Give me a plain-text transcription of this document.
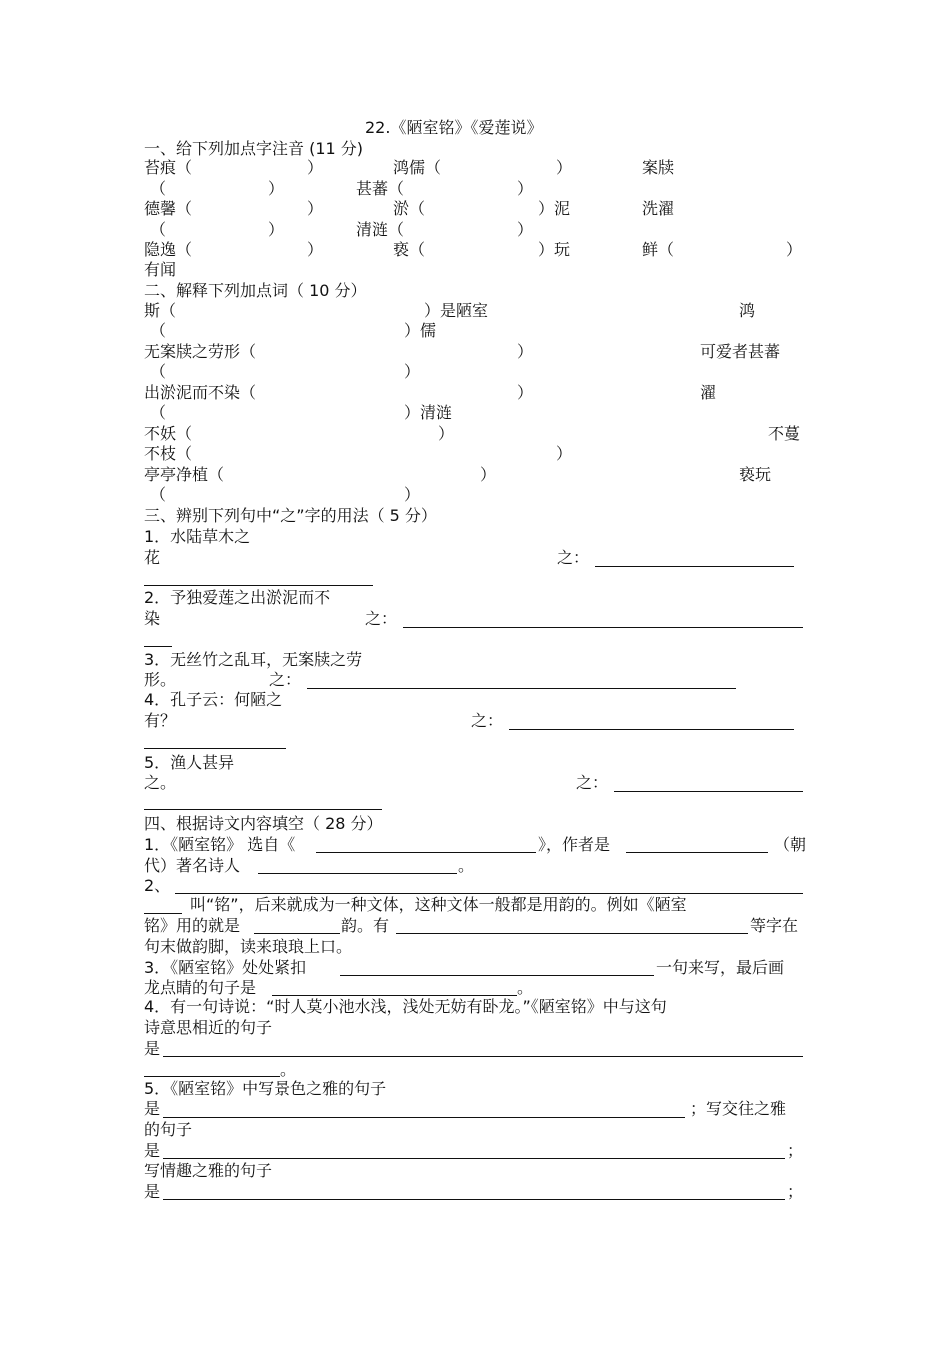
22.《陋室铭》《爱莲说》
一、给下列加点字注音 (11 分)
苔痕（	）	鸿儒（	）	案牍
（	）	甚蕃（	）
德馨（	）	淤（	）泥	洗濯
（	）	清涟（	）
隐逸（	）	亵（	）玩	鲜（	）
有闻
二、解释下列加点词（ 10 分）
斯（	）是陋室	鸿
（	）儒
无案牍之劳形（	）	可爱者甚蕃
（	）
出淤泥而不染（	）	濯
（	）清涟
不妖（	）	不蔓
不枝（	）
亭亭净植（	）	亵玩
（	）
三、辨别下列句中“之”字的用法（ 5 分）
1．水陆草木之
花	之：
2．予独爱莲之出淤泥而不
染	之：
3．无丝竹之乱耳，无案牍之劳
形。	之：
4．孔子云：何陋之
有？	之：
5．渔人甚异
之。	之：
四、根据诗文内容填空（ 28 分）
1．《陋室铭》 选自《	》，作者是	（朝
代）著名诗人	。
2、
叫“铭”，后来就成为一种文体，这种文体一般都是用韵的。例如《陋室
铭》用的就是	韵。有	等字在
句末做韵脚，读来琅琅上口。
3．《陋室铭》处处紧扣	一句来写，最后画
龙点睛的句子是	。
4．有一句诗说：“时人莫小池水浅，浅处无妨有卧龙。”《陋室铭》中与这句
诗意思相近的句子
是
。
5．《陋室铭》中写景色之雅的句子
是	；写交往之雅
的句子
是	；
写情趣之雅的句子
是	；
